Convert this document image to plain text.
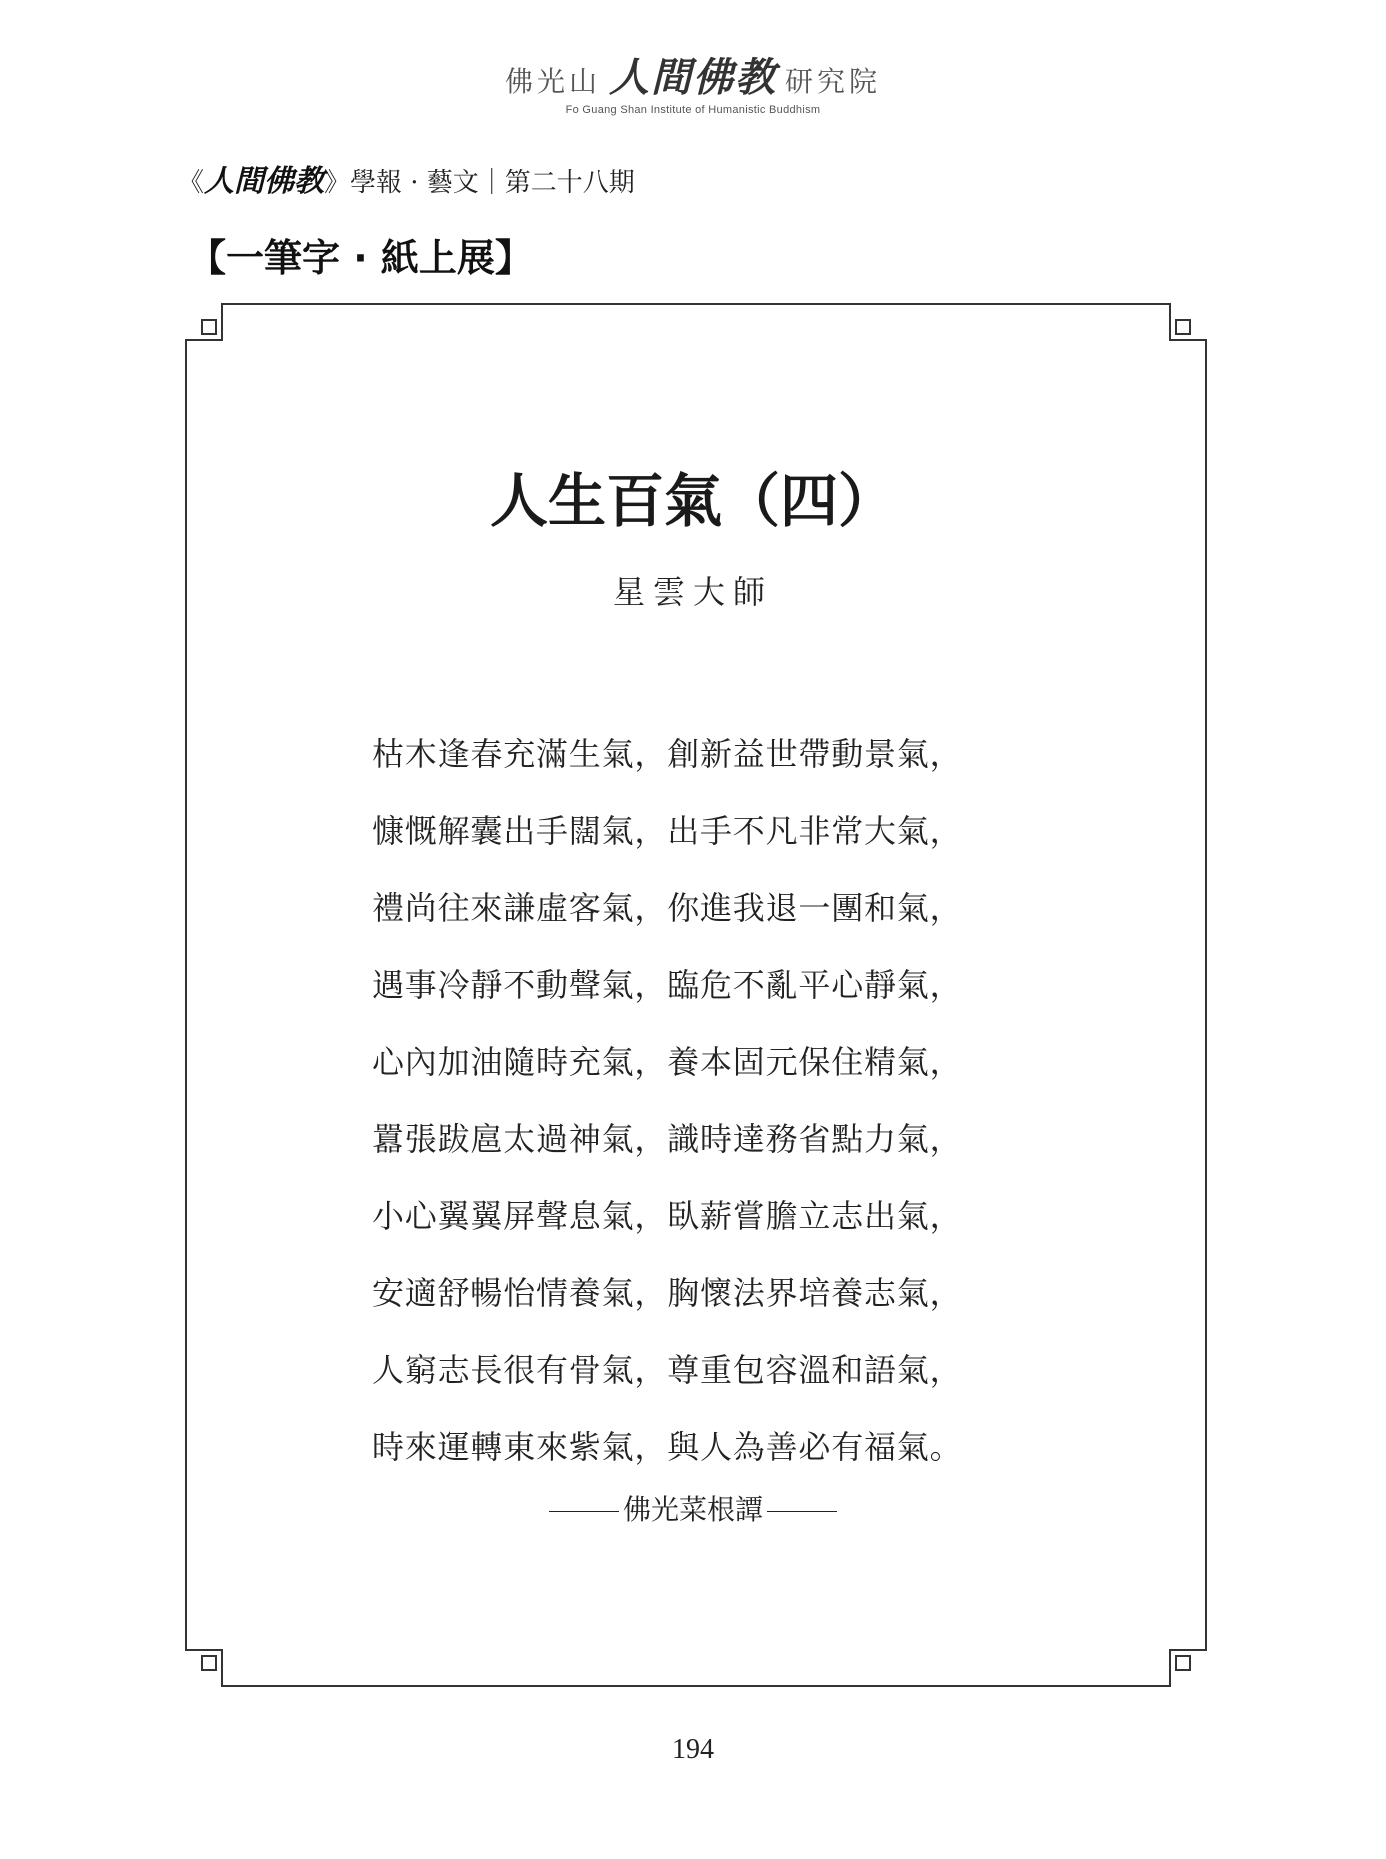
佛光山 人間佛教 研究院
Fo Guang Shan Institute of Humanistic Buddhism
《人間佛教》學報 · 藝文｜第二十八期
【一筆字 · 紙上展】
人生百氣（四）
星雲大師
枯木逢春充滿生氣，創新益世帶動景氣，
慷慨解囊出手闊氣，出手不凡非常大氣，
禮尚往來謙虛客氣，你進我退一團和氣，
遇事冷靜不動聲氣，臨危不亂平心靜氣，
心內加油隨時充氣，養本固元保住精氣，
囂張跋扈太過神氣，識時達務省點力氣，
小心翼翼屏聲息氣，臥薪嘗膽立志出氣，
安適舒暢怡情養氣，胸懷法界培養志氣，
人窮志長很有骨氣，尊重包容溫和語氣，
時來運轉東來紫氣，與人為善必有福氣。
佛光菜根譚
194
